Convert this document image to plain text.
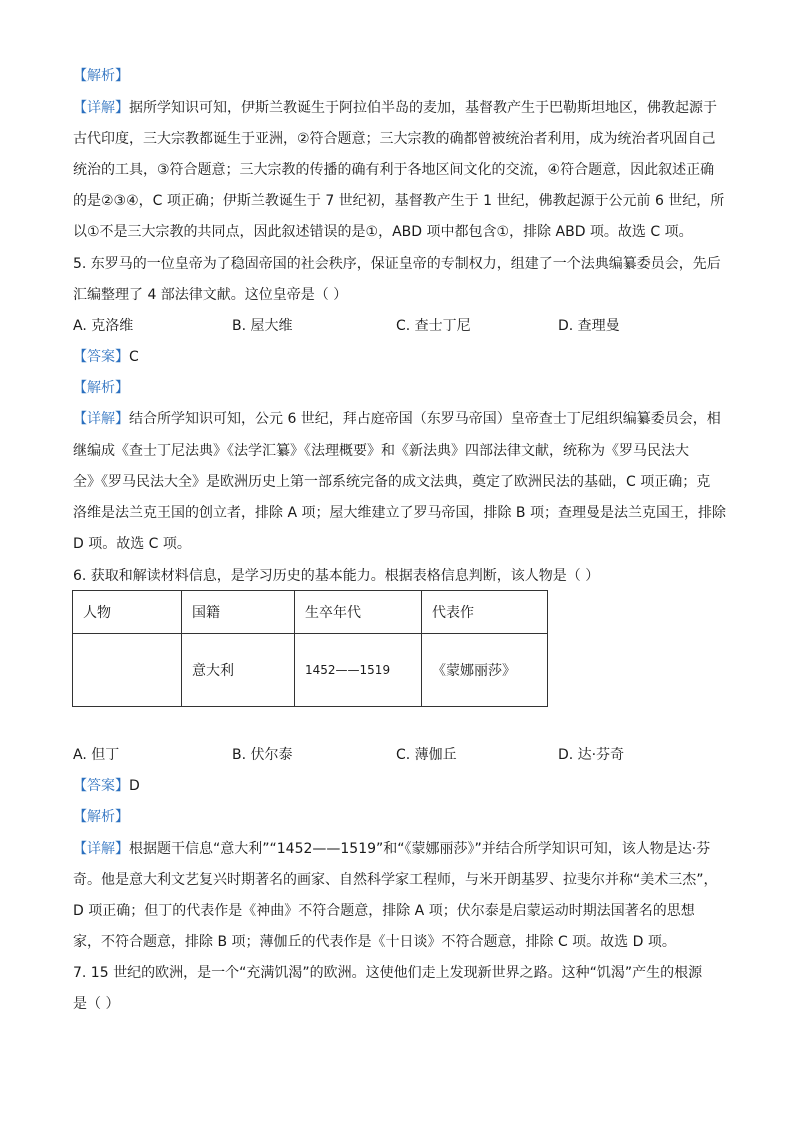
【解析】
【详解】据所学知识可知，伊斯兰教诞生于阿拉伯半岛的麦加，基督教产生于巴勒斯坦地区，佛教起源于
古代印度，三大宗教都诞生于亚洲，②符合题意；三大宗教的确都曾被统治者利用，成为统治者巩固自己
统治的工具，③符合题意；三大宗教的传播的确有利于各地区间文化的交流，④符合题意，因此叙述正确
的是②③④，C 项正确；伊斯兰教诞生于 7 世纪初，基督教产生于 1 世纪，佛教起源于公元前 6 世纪，所
以①不是三大宗教的共同点，因此叙述错误的是①，ABD 项中都包含①，排除 ABD 项。故选 C 项。
5. 东罗马的一位皇帝为了稳固帝国的社会秩序，保证皇帝的专制权力，组建了一个法典编纂委员会，先后
汇编整理了 4 部法律文献。这位皇帝是（ ）
A. 克洛维	B. 屋大维	C. 查士丁尼	D. 查理曼
【答案】C
【解析】
【详解】结合所学知识可知，公元 6 世纪，拜占庭帝国（东罗马帝国）皇帝查士丁尼组织编纂委员会，相
继编成《查士丁尼法典》《法学汇纂》《法理概要》和《新法典》四部法律文献，统称为《罗马民法大
全》《罗马民法大全》是欧洲历史上第一部系统完备的成文法典，奠定了欧洲民法的基础，C 项正确；克
洛维是法兰克王国的创立者，排除 A 项；屋大维建立了罗马帝国，排除 B 项；查理曼是法兰克国王，排除
D 项。故选 C 项。
6. 获取和解读材料信息，是学习历史的基本能力。根据表格信息判断，该人物是（ ）
人物	国籍	生卒年代	代表作
	意大利	1452——1519	《蒙娜丽莎》
A. 但丁	B. 伏尔泰	C. 薄伽丘	D. 达·芬奇
【答案】D
【解析】
【详解】根据题干信息“意大利”“1452——1519”和“《蒙娜丽莎》”并结合所学知识可知，该人物是达·芬
奇。他是意大利文艺复兴时期著名的画家、自然科学家工程师，与米开朗基罗、拉斐尔并称“美术三杰”，
D 项正确；但丁的代表作是《神曲》不符合题意，排除 A 项；伏尔泰是启蒙运动时期法国著名的思想
家，不符合题意，排除 B 项；薄伽丘的代表作是《十日谈》不符合题意，排除 C 项。故选 D 项。
7. 15 世纪的欧洲，是一个“充满饥渴”的欧洲。这使他们走上发现新世界之路。这种“饥渴”产生的根源
是（ ）
